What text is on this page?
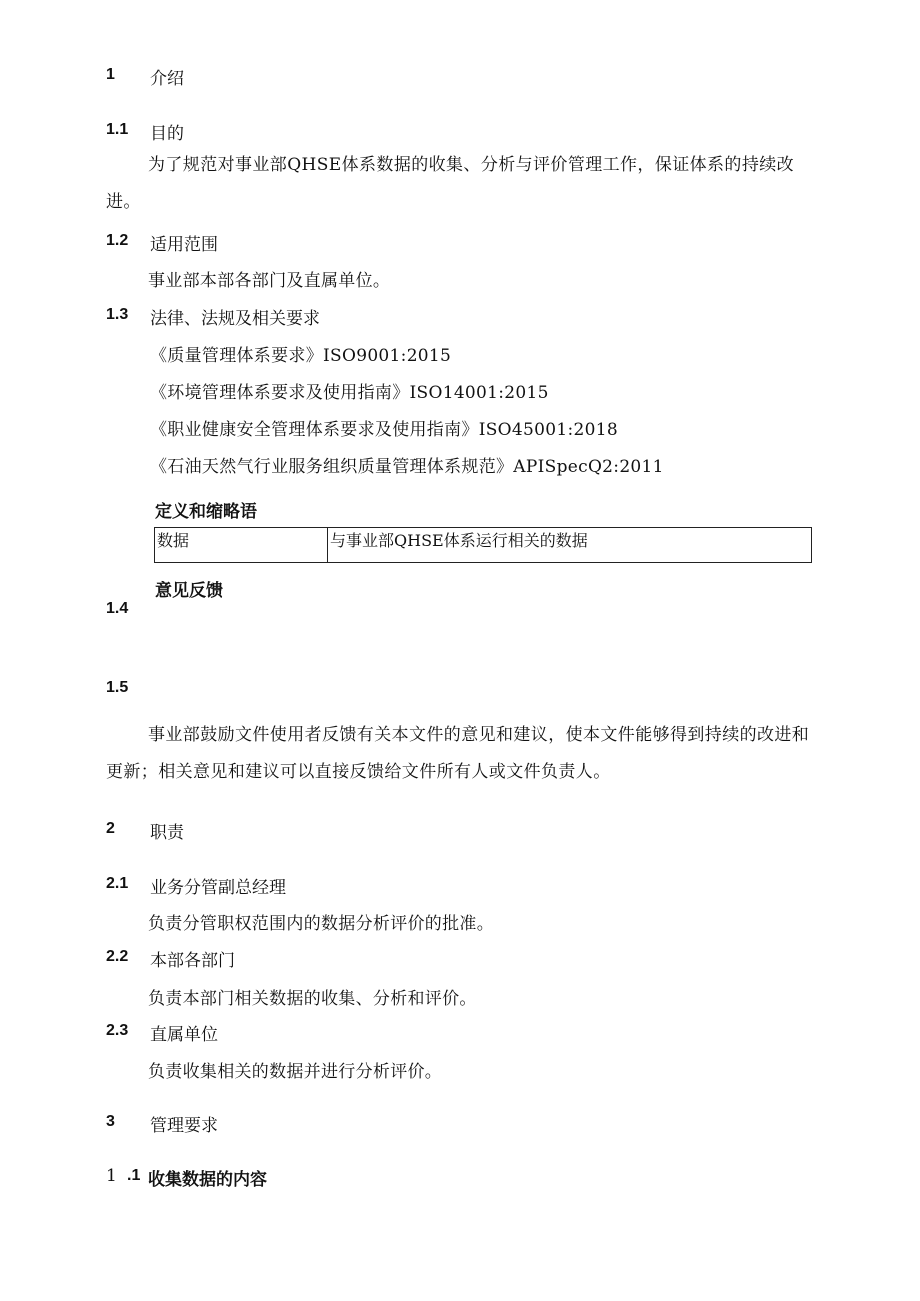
1 介绍
1.1 目的
为了规范对事业部QHSE体系数据的收集、分析与评价管理工作，保证体系的持续改进。
1.2 适用范围
事业部本部各部门及直属单位。
1.3 法律、法规及相关要求
《质量管理体系要求》ISO9001:2015
《环境管理体系要求及使用指南》ISO14001:2015
《职业健康安全管理体系要求及使用指南》ISO45001:2018
《石油天然气行业服务组织质量管理体系规范》APISpecQ2:2011
定义和缩略语
数据	与事业部QHSE体系运行相关的数据
意见反馈
1.4
1.5
事业部鼓励文件使用者反馈有关本文件的意见和建议，使本文件能够得到持续的改进和更新；相关意见和建议可以直接反馈给文件所有人或文件负责人。
2 职责
2.1 业务分管副总经理
负责分管职权范围内的数据分析评价的批准。
2.2 本部各部门
负责本部门相关数据的收集、分析和评价。
2.3 直属单位
负责收集相关的数据并进行分析评价。
3 管理要求
1 .1 收集数据的内容
